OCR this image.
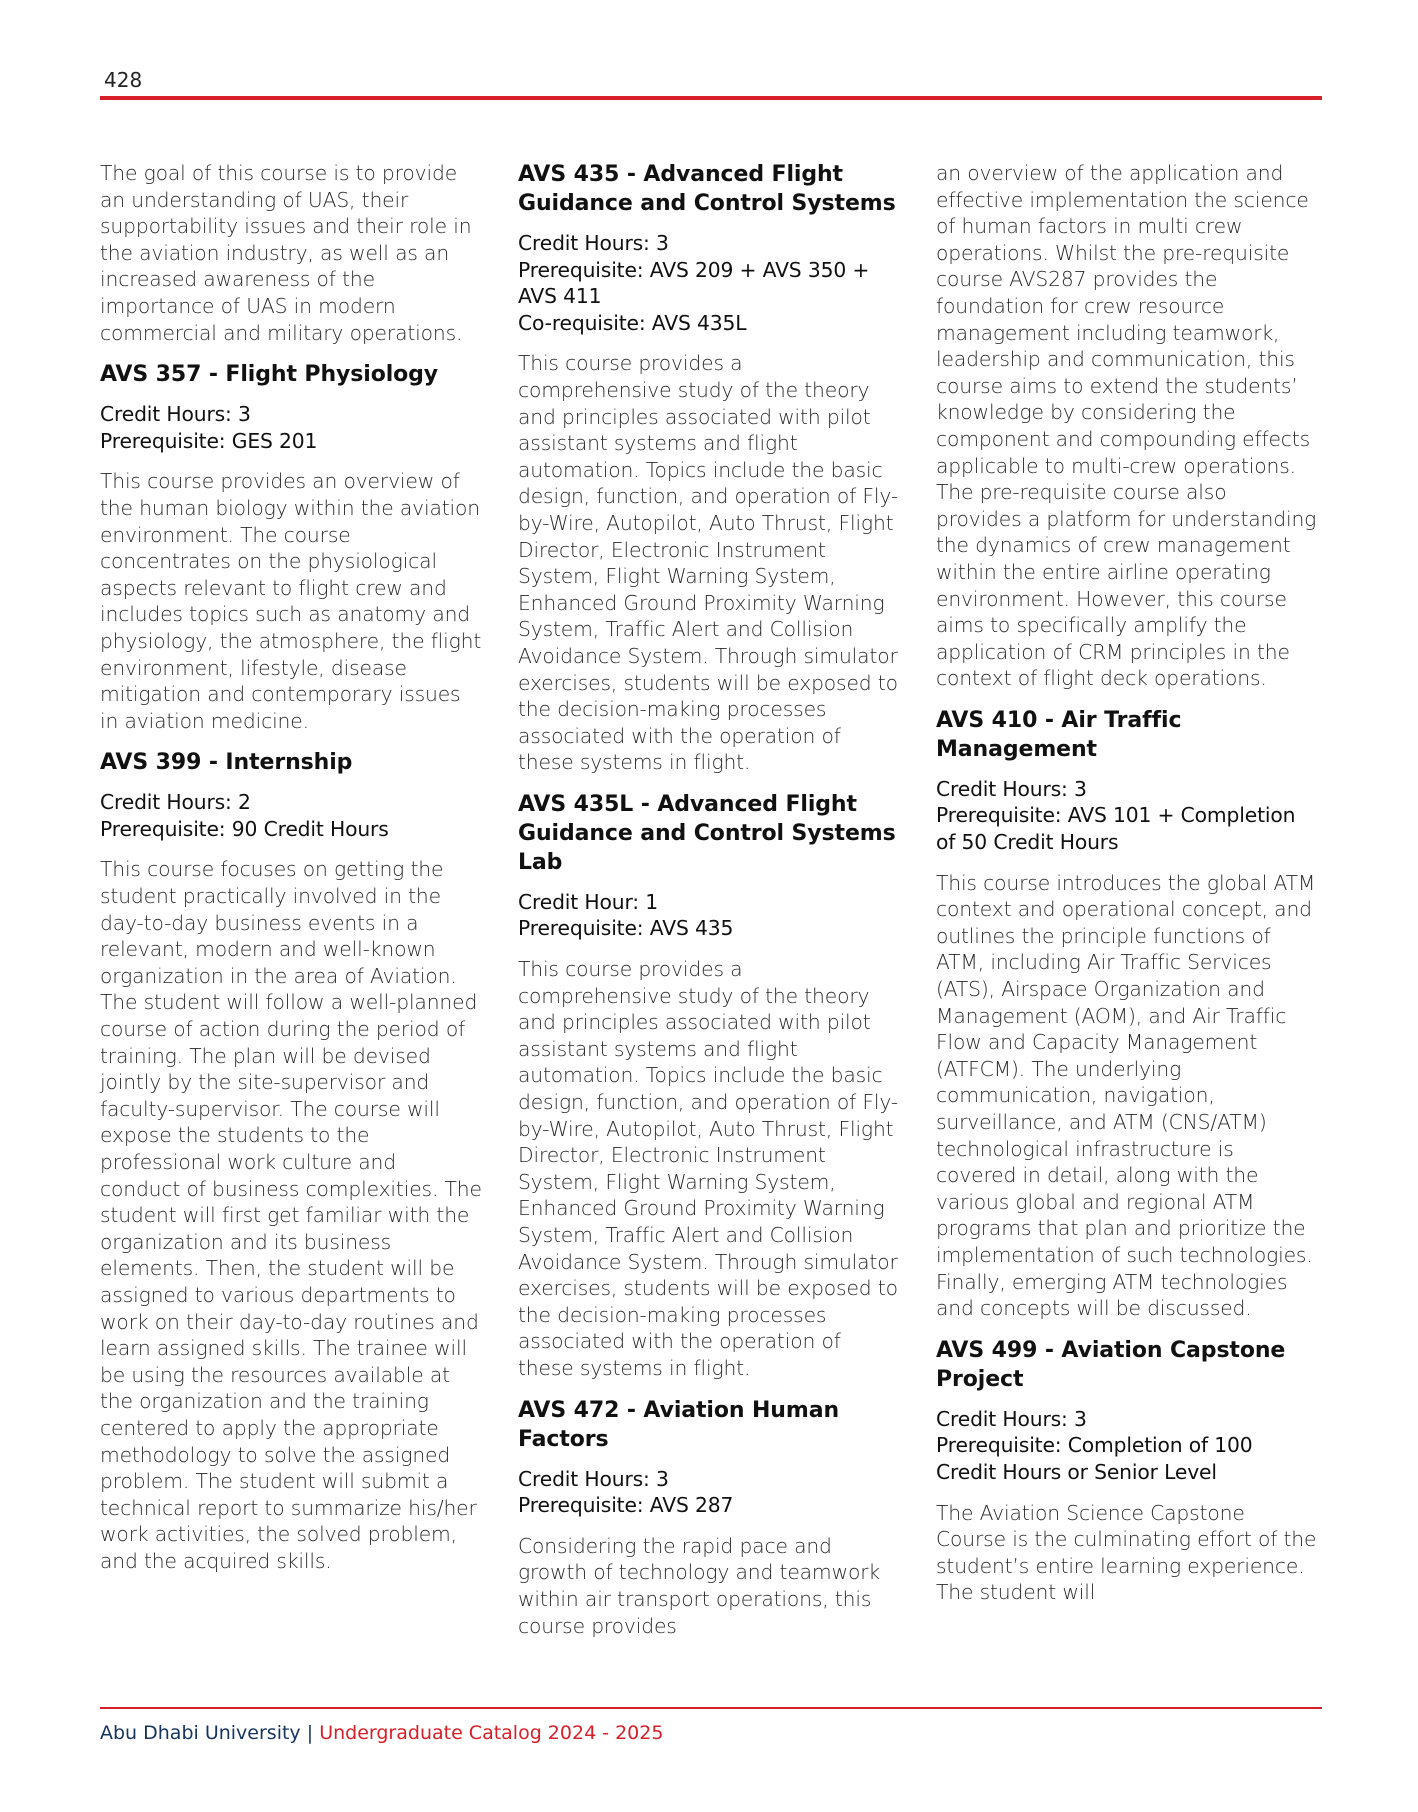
428

The goal of this course is to provide an understanding of UAS, their supportability issues and their role in the aviation industry, as well as an increased awareness of the importance of UAS in modern commercial and military operations.

AVS 357 - Flight Physiology
Credit Hours: 3
Prerequisite: GES 201

This course provides an overview of the human biology within the aviation environment. The course concentrates on the physiological aspects relevant to flight crew and includes topics such as anatomy and physiology, the atmosphere, the flight environment, lifestyle, disease mitigation and contemporary issues in aviation medicine.

AVS 399 - Internship
Credit Hours: 2
Prerequisite: 90 Credit Hours

This course focuses on getting the student practically involved in the day-to-day business events in a relevant, modern and well-known organization in the area of Aviation. The student will follow a well-planned course of action during the period of training. The plan will be devised jointly by the site-supervisor and faculty-supervisor. The course will expose the students to the professional work culture and conduct of business complexities. The student will first get familiar with the organization and its business elements. Then, the student will be assigned to various departments to work on their day-to-day routines and learn assigned skills. The trainee will be using the resources available at the organization and the training centered to apply the appropriate methodology to solve the assigned problem. The student will submit a technical report to summarize his/her work activities, the solved problem, and the acquired skills.

AVS 435 - Advanced Flight Guidance and Control Systems
Credit Hours: 3
Prerequisite: AVS 209 + AVS 350 + AVS 411
Co-requisite: AVS 435L

This course provides a comprehensive study of the theory and principles associated with pilot assistant systems and flight automation. Topics include the basic design, function, and operation of Fly-by-Wire, Autopilot, Auto Thrust, Flight Director, Electronic Instrument System, Flight Warning System, Enhanced Ground Proximity Warning System, Traffic Alert and Collision Avoidance System. Through simulator exercises, students will be exposed to the decision-making processes associated with the operation of these systems in flight.

AVS 435L - Advanced Flight Guidance and Control Systems Lab
Credit Hour: 1
Prerequisite: AVS 435

This course provides a comprehensive study of the theory and principles associated with pilot assistant systems and flight automation. Topics include the basic design, function, and operation of Fly-by-Wire, Autopilot, Auto Thrust, Flight Director, Electronic Instrument System, Flight Warning System, Enhanced Ground Proximity Warning System, Traffic Alert and Collision Avoidance System. Through simulator exercises, students will be exposed to the decision-making processes associated with the operation of these systems in flight.

AVS 472 - Aviation Human Factors
Credit Hours: 3
Prerequisite: AVS 287

Considering the rapid pace and growth of technology and teamwork within air transport operations, this course provides

an overview of the application and effective implementation the science of human factors in multi crew operations. Whilst the pre-requisite course AVS287 provides the foundation for crew resource management including teamwork, leadership and communication, this course aims to extend the students’ knowledge by considering the component and compounding effects applicable to multi-crew operations. The pre-requisite course also provides a platform for understanding the dynamics of crew management within the entire airline operating environment. However, this course aims to specifically amplify the application of CRM principles in the context of flight deck operations.

AVS 410 - Air Traffic Management
Credit Hours: 3
Prerequisite: AVS 101 + Completion of 50 Credit Hours

This course introduces the global ATM context and operational concept, and outlines the principle functions of ATM, including Air Traffic Services (ATS), Airspace Organization and Management (AOM), and Air Traffic Flow and Capacity Management (ATFCM). The underlying communication, navigation, surveillance, and ATM (CNS/ATM) technological infrastructure is covered in detail, along with the various global and regional ATM programs that plan and prioritize the implementation of such technologies. Finally, emerging ATM technologies and concepts will be discussed.

AVS 499 - Aviation Capstone Project
Credit Hours: 3
Prerequisite: Completion of 100 Credit Hours or Senior Level

The Aviation Science Capstone Course is the culminating effort of the student’s entire learning experience. The student will

Abu Dhabi University | Undergraduate Catalog 2024 - 2025
